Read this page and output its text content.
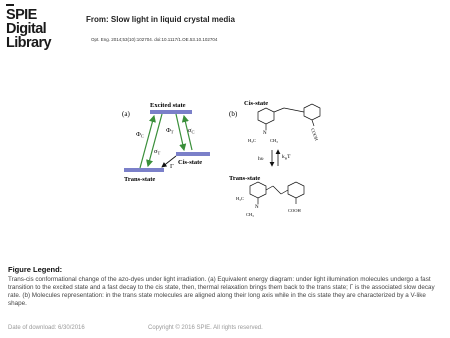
SPIE
Digital
Library
From: Slow light in liquid crystal media
Opt. Eng. 2014;53(10):102704. doi:10.1117/1.OE.53.10.102704
(a)
Excited state
Cis-state
Trans-state
$\Phi_C$
$\Phi_T$ $\sigma_C$
$\sigma_T$
Γ
(b)
Cis-state
N
H₃C	CH₃	COOH
hυ	$k_BT$
Trans-state
N
H₃C
CH₃
COOH
Figure Legend:
Trans-cis conformational change of the azo-dyes under light irradiation. (a) Equivalent energy diagram: under light illumination molecules undergo a fast transition to the excited state and a fast decay to the cis state, then, thermal relaxation brings them back to the trans state; Γ is the associated slow decay rate. (b) Molecules representation: in the trans state molecules are aligned along their long axis while in the cis state they are characterized by a V-like shape.
Date of download: 6/30/2016	Copyright © 2016 SPIE. All rights reserved.
